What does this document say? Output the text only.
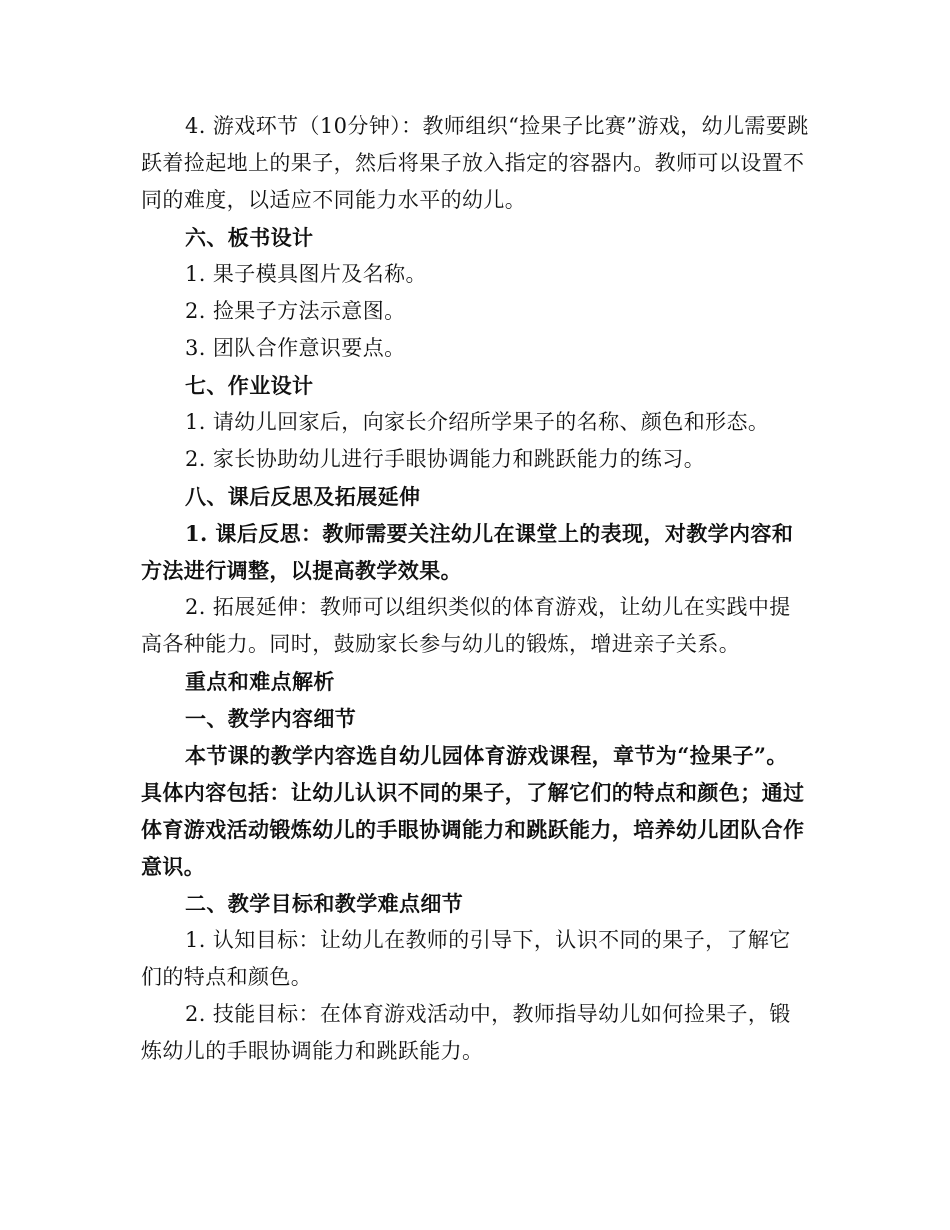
4. 游戏环节（10分钟）：教师组织“捡果子比赛”游戏，幼儿需要跳跃着捡起地上的果子，然后将果子放入指定的容器内。教师可以设置不同的难度，以适应不同能力水平的幼儿。

六、板书设计

1. 果子模具图片及名称。

2. 捡果子方法示意图。

3. 团队合作意识要点。

七、作业设计

1. 请幼儿回家后，向家长介绍所学果子的名称、颜色和形态。

2. 家长协助幼儿进行手眼协调能力和跳跃能力的练习。

八、课后反思及拓展延伸

1. 课后反思：教师需要关注幼儿在课堂上的表现，对教学内容和方法进行调整，以提高教学效果。

2. 拓展延伸：教师可以组织类似的体育游戏，让幼儿在实践中提高各种能力。同时，鼓励家长参与幼儿的锻炼，增进亲子关系。

重点和难点解析

一、教学内容细节

本节课的教学内容选自幼儿园体育游戏课程，章节为“捡果子”。具体内容包括：让幼儿认识不同的果子，了解它们的特点和颜色；通过体育游戏活动锻炼幼儿的手眼协调能力和跳跃能力，培养幼儿团队合作意识。

二、教学目标和教学难点细节

1. 认知目标：让幼儿在教师的引导下，认识不同的果子，了解它们的特点和颜色。

2. 技能目标：在体育游戏活动中，教师指导幼儿如何捡果子，锻炼幼儿的手眼协调能力和跳跃能力。
